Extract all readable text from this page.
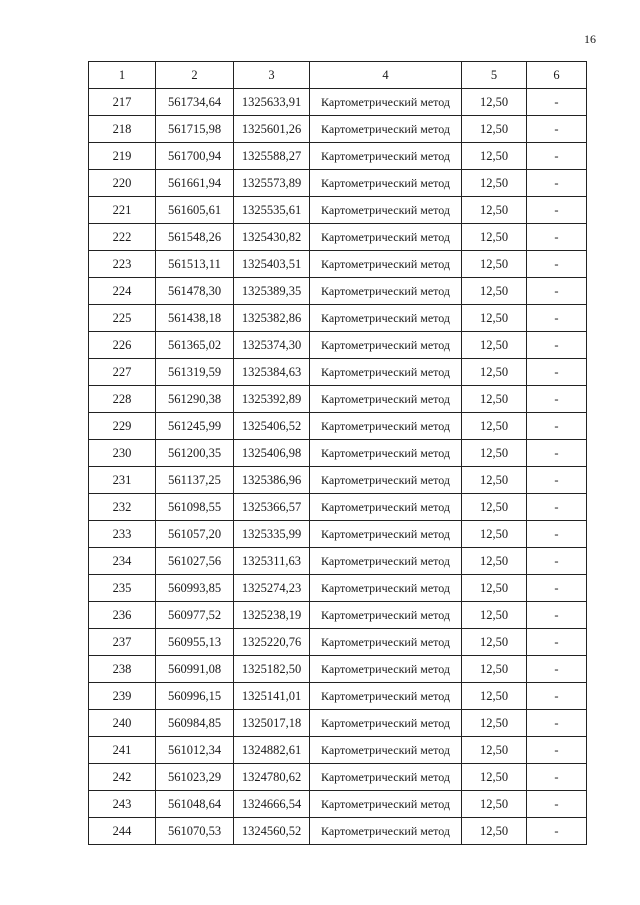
16
1	2	3	4	5	6
217	561734,64	1325633,91	Картометрический метод	12,50	-
218	561715,98	1325601,26	Картометрический метод	12,50	-
219	561700,94	1325588,27	Картометрический метод	12,50	-
220	561661,94	1325573,89	Картометрический метод	12,50	-
221	561605,61	1325535,61	Картометрический метод	12,50	-
222	561548,26	1325430,82	Картометрический метод	12,50	-
223	561513,11	1325403,51	Картометрический метод	12,50	-
224	561478,30	1325389,35	Картометрический метод	12,50	-
225	561438,18	1325382,86	Картометрический метод	12,50	-
226	561365,02	1325374,30	Картометрический метод	12,50	-
227	561319,59	1325384,63	Картометрический метод	12,50	-
228	561290,38	1325392,89	Картометрический метод	12,50	-
229	561245,99	1325406,52	Картометрический метод	12,50	-
230	561200,35	1325406,98	Картометрический метод	12,50	-
231	561137,25	1325386,96	Картометрический метод	12,50	-
232	561098,55	1325366,57	Картометрический метод	12,50	-
233	561057,20	1325335,99	Картометрический метод	12,50	-
234	561027,56	1325311,63	Картометрический метод	12,50	-
235	560993,85	1325274,23	Картометрический метод	12,50	-
236	560977,52	1325238,19	Картометрический метод	12,50	-
237	560955,13	1325220,76	Картометрический метод	12,50	-
238	560991,08	1325182,50	Картометрический метод	12,50	-
239	560996,15	1325141,01	Картометрический метод	12,50	-
240	560984,85	1325017,18	Картометрический метод	12,50	-
241	561012,34	1324882,61	Картометрический метод	12,50	-
242	561023,29	1324780,62	Картометрический метод	12,50	-
243	561048,64	1324666,54	Картометрический метод	12,50	-
244	561070,53	1324560,52	Картометрический метод	12,50	-
